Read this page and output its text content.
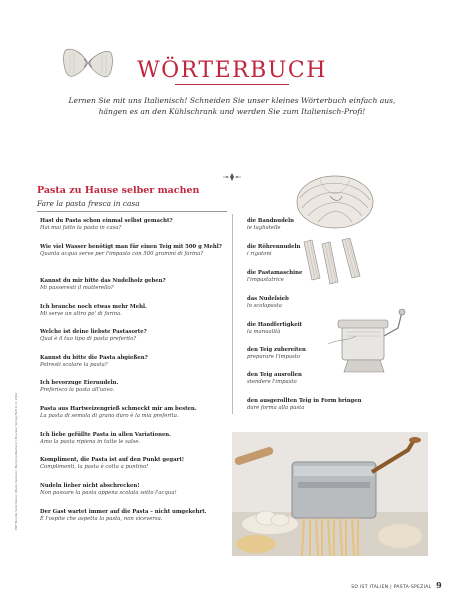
WÖRTERBUCH
Lernen Sie mit uns Italienisch! Schneiden Sie unser kleines Wörterbuch einfach aus, hängen es an den Kühlschrank und werden Sie zum Italienisch-Profi!
Pasta zu Hause selber machen
Fare la pasta fresca in casa
Hast du Pasta schon einmal selbst gemacht?
Hai mai fatto la pasta in casa?
Wie viel Wasser benötigt man für einen Teig mit 500 g Mehl?
Quanta acqua serve per l'impasto con 500 grammi di farina?
Kannst du mir bitte das Nudelholz geben?
Mi passeresti il matterello?
Ich brauche noch etwas mehr Mehl.
Mi serve un altro po' di farina.
Welche ist deine liebste Pastasorte?
Qual è il tuo tipo di pasta preferito?
Kannst du bitte die Pasta abgießen?
Potresti scolare la pasta?
Ich bevorzuge Eiernudeln.
Preferisco la pasta all'uovo.
Pasta aus Hartweizengrieß schmeckt mir am besten.
La pasta di semola di grano duro è la mia preferita.
Ich liebe gefüllte Pasta in allen Variationen.
Amo la pasta ripiena in tutte le salse.
Kompliment, die Pasta ist auf den Punkt gegart!
Complimenti, la pasta è cotta a puntino!
Nudeln lieber nicht abschrecken!
Non passare la pasta appena scolata sotto l'acqua!
Der Gast wartet immer auf die Pasta – nicht umgekehrt.
È l'ospite che aspetta la pasta, non viceversa.
die Bandnudeln
le tagliatelle
die Röhrennudeln
i rigatoni
die Pastamaschine
l'impastatrice
das Nudelsieb
lo scolapasta
die Handfertigkeit
la manualità
den Teig zubereiten
preparare l'impasto
den Teig ausrollen
stendere l'impasto
den ausgerollten Teig in Form bringen
dare forma alla pasta
PDF Bundle Soist Italien (Pasta Spezial) / Meldung Bestand / Drucken Verlag Heft 9 (c) 2022
SO IST ITALIEN | PASTA-SPEZIAL 9
